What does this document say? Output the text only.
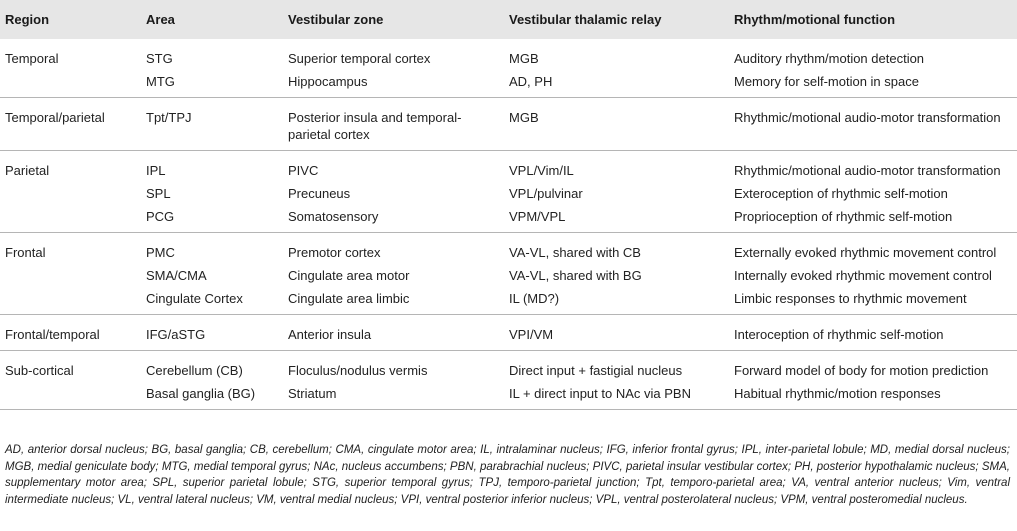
Region	Area	Vestibular zone	Vestibular thalamic relay	Rhythm/motional function
Temporal	STG	Superior temporal cortex	MGB	Auditory rhythm/motion detection
	MTG	Hippocampus	AD, PH	Memory for self-motion in space
Temporal/parietal	Tpt/TPJ	Posterior insula and temporal-parietal cortex	MGB	Rhythmic/motional audio-motor transformation
Parietal	IPL	PIVC	VPL/Vim/IL	Rhythmic/motional audio-motor transformation
	SPL	Precuneus	VPL/pulvinar	Exteroception of rhythmic self-motion
	PCG	Somatosensory	VPM/VPL	Proprioception of rhythmic self-motion
Frontal	PMC	Premotor cortex	VA-VL, shared with CB	Externally evoked rhythmic movement control
	SMA/CMA	Cingulate area motor	VA-VL, shared with BG	Internally evoked rhythmic movement control
	Cingulate Cortex	Cingulate area limbic	IL (MD?)	Limbic responses to rhythmic movement
Frontal/temporal	IFG/aSTG	Anterior insula	VPI/VM	Interoception of rhythmic self-motion
Sub-cortical	Cerebellum (CB)	Floculus/nodulus vermis	Direct input + fastigial nucleus	Forward model of body for motion prediction
	Basal ganglia (BG)	Striatum	IL + direct input to NAc via PBN	Habitual rhythmic/motion responses
AD, anterior dorsal nucleus; BG, basal ganglia; CB, cerebellum; CMA, cingulate motor area; IL, intralaminar nucleus; IFG, inferior frontal gyrus; IPL, inter-parietal lobule; MD, medial dorsal nucleus; MGB, medial geniculate body; MTG, medial temporal gyrus; NAc, nucleus accumbens; PBN, parabrachial nucleus; PIVC, parietal insular vestibular cortex; PH, posterior hypothalamic nucleus; SMA, supplementary motor area; SPL, superior parietal lobule; STG, superior temporal gyrus; TPJ, temporo-parietal junction; Tpt, temporo-parietal area; VA, ventral anterior nucleus; Vim, ventral intermediate nucleus; VL, ventral lateral nucleus; VM, ventral medial nucleus; VPI, ventral posterior inferior nucleus; VPL, ventral posterolateral nucleus; VPM, ventral posteromedial nucleus.
